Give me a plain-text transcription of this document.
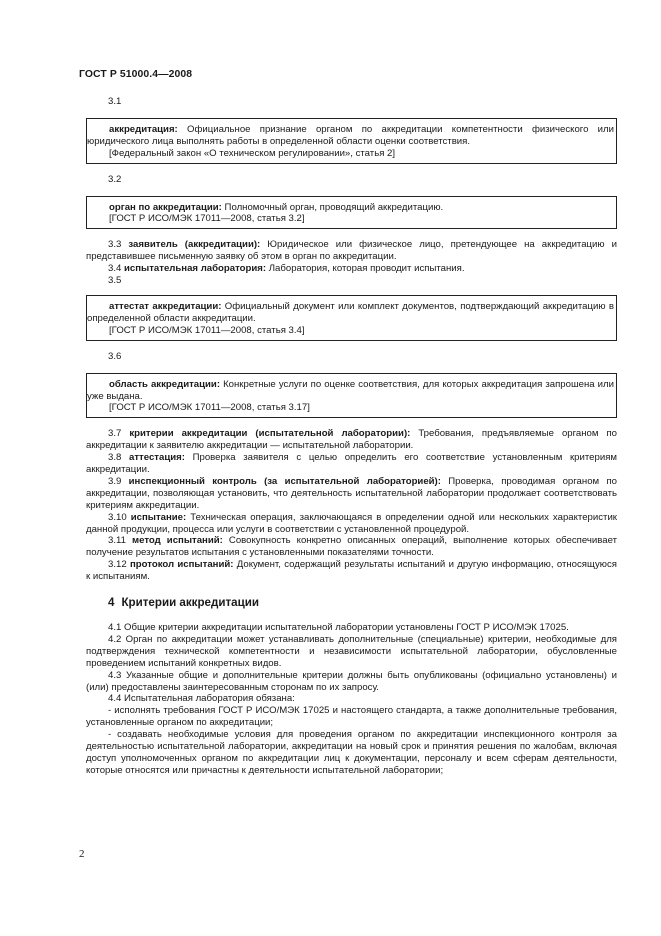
ГОСТ Р 51000.4—2008
3.1

аккредитация: Официальное признание органом по аккредитации компетентности физического или юридического лица выполнять работы в определенной области оценки соответствия.

[Федеральный закон «О техническом регулировании», статья 2]

3.2

орган по аккредитации: Полномочный орган, проводящий аккредитацию.

[ГОСТ Р ИСО/МЭК 17011—2008, статья 3.2]

3.3 заявитель (аккредитации): Юридическое или физическое лицо, претендующее на аккредитацию и представившее письменную заявку об этом в орган по аккредитации.

3.4 испытательная лаборатория: Лаборатория, которая проводит испытания.

3.5

аттестат аккредитации: Официальный документ или комплект документов, подтверждающий аккредитацию в определенной области аккредитации.

[ГОСТ Р ИСО/МЭК 17011—2008, статья 3.4]

3.6

область аккредитации: Конкретные услуги по оценке соответствия, для которых аккредитация запрошена или уже выдана.

[ГОСТ Р ИСО/МЭК 17011—2008, статья 3.17]

3.7 критерии аккредитации (испытательной лаборатории): Требования, предъявляемые органом по аккредитации к заявителю аккредитации — испытательной лаборатории.

3.8 аттестация: Проверка заявителя с целью определить его соответствие установленным критериям аккредитации.

3.9 инспекционный контроль (за испытательной лабораторией): Проверка, проводимая органом по аккредитации, позволяющая установить, что деятельность испытательной лаборатории продолжает соответствовать критериям аккредитации.

3.10 испытание: Техническая операция, заключающаяся в определении одной или нескольких характеристик данной продукции, процесса или услуги в соответствии с установленной процедурой.

3.11 метод испытаний: Совокупность конкретно описанных операций, выполнение которых обеспечивает получение результатов испытания с установленными показателями точности.

3.12 протокол испытаний: Документ, содержащий результаты испытаний и другую информацию, относящуюся к испытаниям.

4 Критерии аккредитации

4.1 Общие критерии аккредитации испытательной лаборатории установлены ГОСТ Р ИСО/МЭК 17025.

4.2 Орган по аккредитации может устанавливать дополнительные (специальные) критерии, необходимые для подтверждения технической компетентности и независимости испытательной лаборатории, обусловленные проведением испытаний конкретных видов.

4.3 Указанные общие и дополнительные критерии должны быть опубликованы (официально установлены) и (или) предоставлены заинтересованным сторонам по их запросу.

4.4 Испытательная лаборатория обязана:

- исполнять требования ГОСТ Р ИСО/МЭК 17025 и настоящего стандарта, а также дополнительные требования, установленные органом по аккредитации;

- создавать необходимые условия для проведения органом по аккредитации инспекционного контроля за деятельностью испытательной лаборатории, аккредитации на новый срок и принятия решения по жалобам, включая доступ уполномоченных органом по аккредитации лиц к документации, персоналу и всем сферам деятельности, которые относятся или причастны к деятельности испытательной лаборатории;

2
